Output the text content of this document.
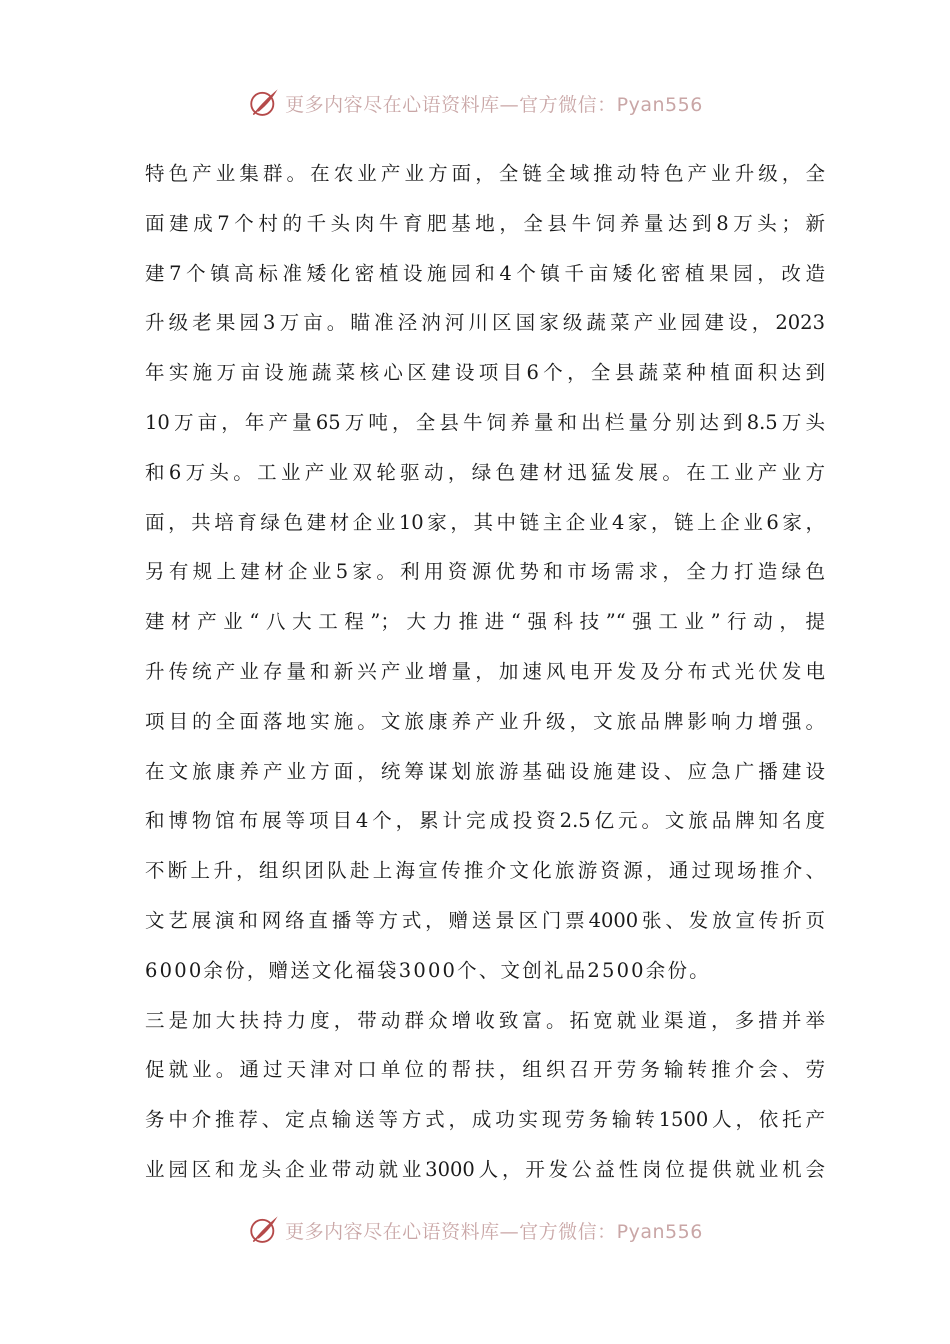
更多内容尽在心语资料库—官方微信：Pyan556
特色产业集群。在农业产业方面，全链全域推动特色产业升级，全
面建成7个村的千头肉牛育肥基地，全县牛饲养量达到8万头；新
建7个镇高标准矮化密植设施园和4个镇千亩矮化密植果园，改造
升级老果园3万亩。瞄准泾汭河川区国家级蔬菜产业园建设，2023
年实施万亩设施蔬菜核心区建设项目6个，全县蔬菜种植面积达到
10万亩，年产量65万吨，全县牛饲养量和出栏量分别达到8.5万头
和6万头。工业产业双轮驱动，绿色建材迅猛发展。在工业产业方
面，共培育绿色建材企业10家，其中链主企业4家，链上企业6家，
另有规上建材企业5家。利用资源优势和市场需求，全力打造绿色
建材产业“八大工程”；大力推进“强科技”“强工业”行动，提
升传统产业存量和新兴产业增量，加速风电开发及分布式光伏发电
项目的全面落地实施。文旅康养产业升级，文旅品牌影响力增强。
在文旅康养产业方面，统筹谋划旅游基础设施建设、应急广播建设
和博物馆布展等项目4个，累计完成投资2.5亿元。文旅品牌知名度
不断上升，组织团队赴上海宣传推介文化旅游资源，通过现场推介、
文艺展演和网络直播等方式，赠送景区门票4000张、发放宣传折页
6000余份，赠送文化福袋3000个、文创礼品2500余份。
三是加大扶持力度，带动群众增收致富。拓宽就业渠道，多措并举
促就业。通过天津对口单位的帮扶，组织召开劳务输转推介会、劳
务中介推荐、定点输送等方式，成功实现劳务输转1500人，依托产
业园区和龙头企业带动就业3000人，开发公益性岗位提供就业机会
更多内容尽在心语资料库—官方微信：Pyan556
